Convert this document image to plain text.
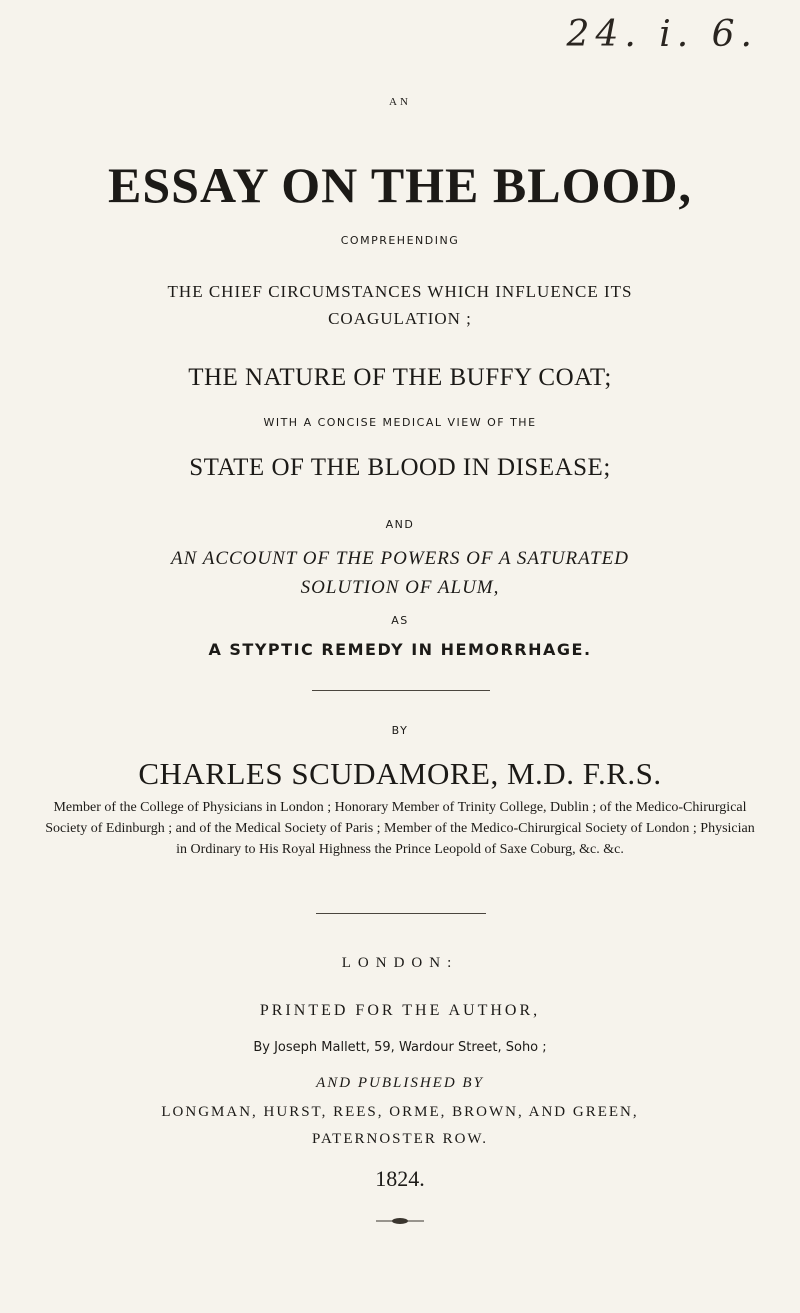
24. i. 6.
AN
ESSAY ON THE BLOOD,
COMPREHENDING
THE CHIEF CIRCUMSTANCES WHICH INFLUENCE ITS
COAGULATION ;
THE NATURE OF THE BUFFY COAT;
WITH A CONCISE MEDICAL VIEW OF THE
STATE OF THE BLOOD IN DISEASE;
AND
AN ACCOUNT OF THE POWERS OF A SATURATED
SOLUTION OF ALUM,
AS
A STYPTIC REMEDY IN HEMORRHAGE.
BY
CHARLES SCUDAMORE, M.D. F.R.S.
Member of the College of Physicians in London ; Honorary Member of Trinity College, Dublin ; of the Medico-Chirurgical Society of Edinburgh ; and of the Medical Society of Paris ; Member of the Medico-Chirurgical Society of London ; Physician in Ordinary to His Royal Highness the Prince Leopold of Saxe Coburg, &c. &c.
LONDON:
PRINTED FOR THE AUTHOR,
By Joseph Mallett, 59, Wardour Street, Soho ;
AND PUBLISHED BY
LONGMAN, HURST, REES, ORME, BROWN, AND GREEN,
PATERNOSTER ROW.
1824.
